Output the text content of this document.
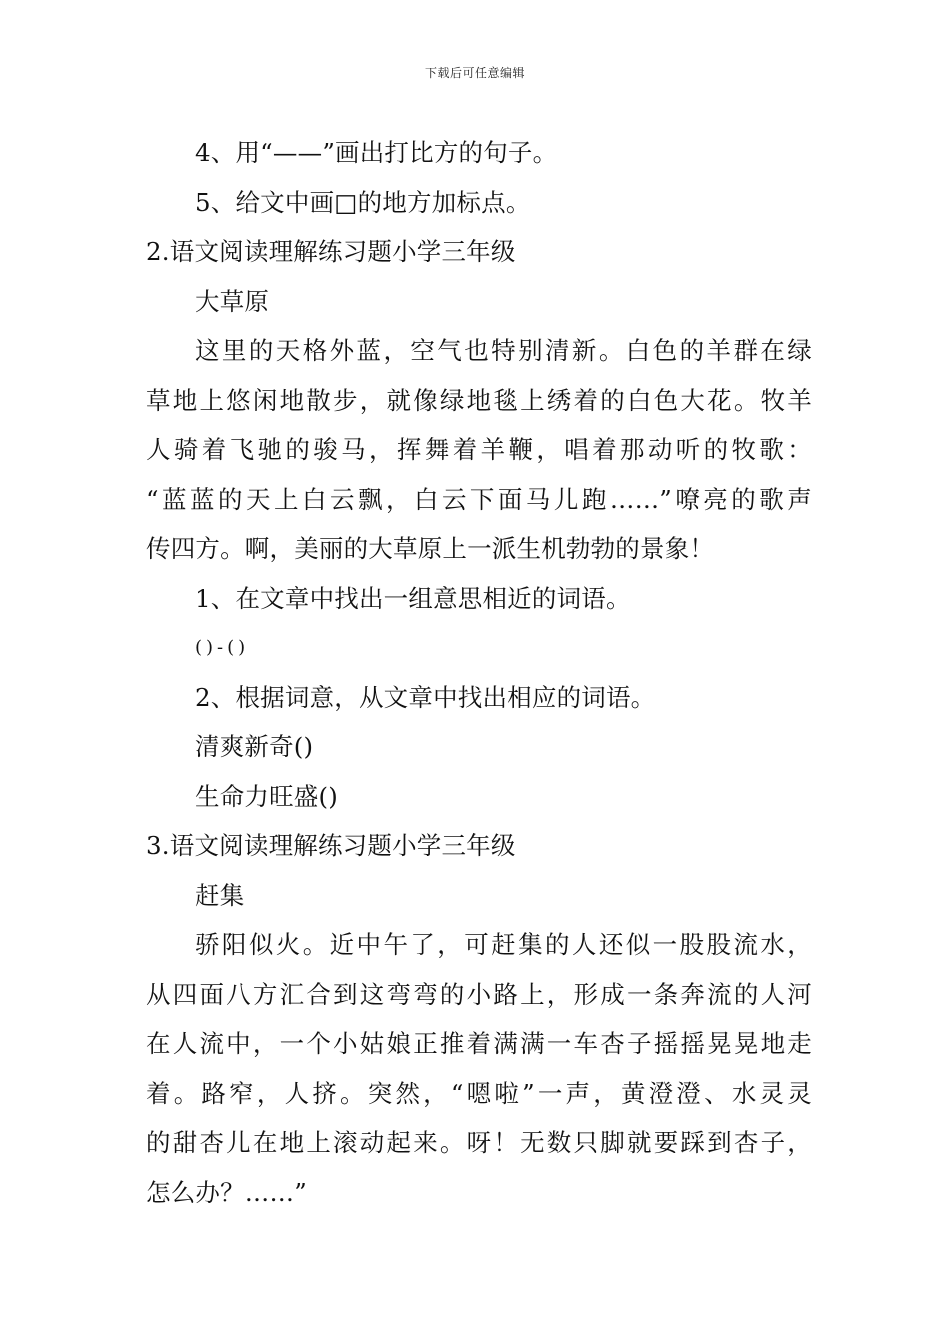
下载后可任意编辑
4、用“——”画出打比方的句子。
5、给文中画□的地方加标点。
2.语文阅读理解练习题小学三年级
大草原
这里的天格外蓝，空气也特别清新。白色的羊群在绿
草地上悠闲地散步，就像绿地毯上绣着的白色大花。牧羊
人骑着飞驰的骏马，挥舞着羊鞭，唱着那动听的牧歌：
“蓝蓝的天上白云飘，白云下面马儿跑……”嘹亮的歌声
传四方。啊，美丽的大草原上一派生机勃勃的景象！
1、在文章中找出一组意思相近的词语。
()-()
2、根据词意，从文章中找出相应的词语。
清爽新奇()
生命力旺盛()
3.语文阅读理解练习题小学三年级
赶集
骄阳似火。近中午了，可赶集的人还似一股股流水，
从四面八方汇合到这弯弯的小路上，形成一条奔流的人河
在人流中，一个小姑娘正推着满满一车杏子摇摇晃晃地走
着。路窄，人挤。突然，“嗯啦”一声，黄澄澄、水灵灵
的甜杏儿在地上滚动起来。呀！无数只脚就要踩到杏子，
怎么办？……”
